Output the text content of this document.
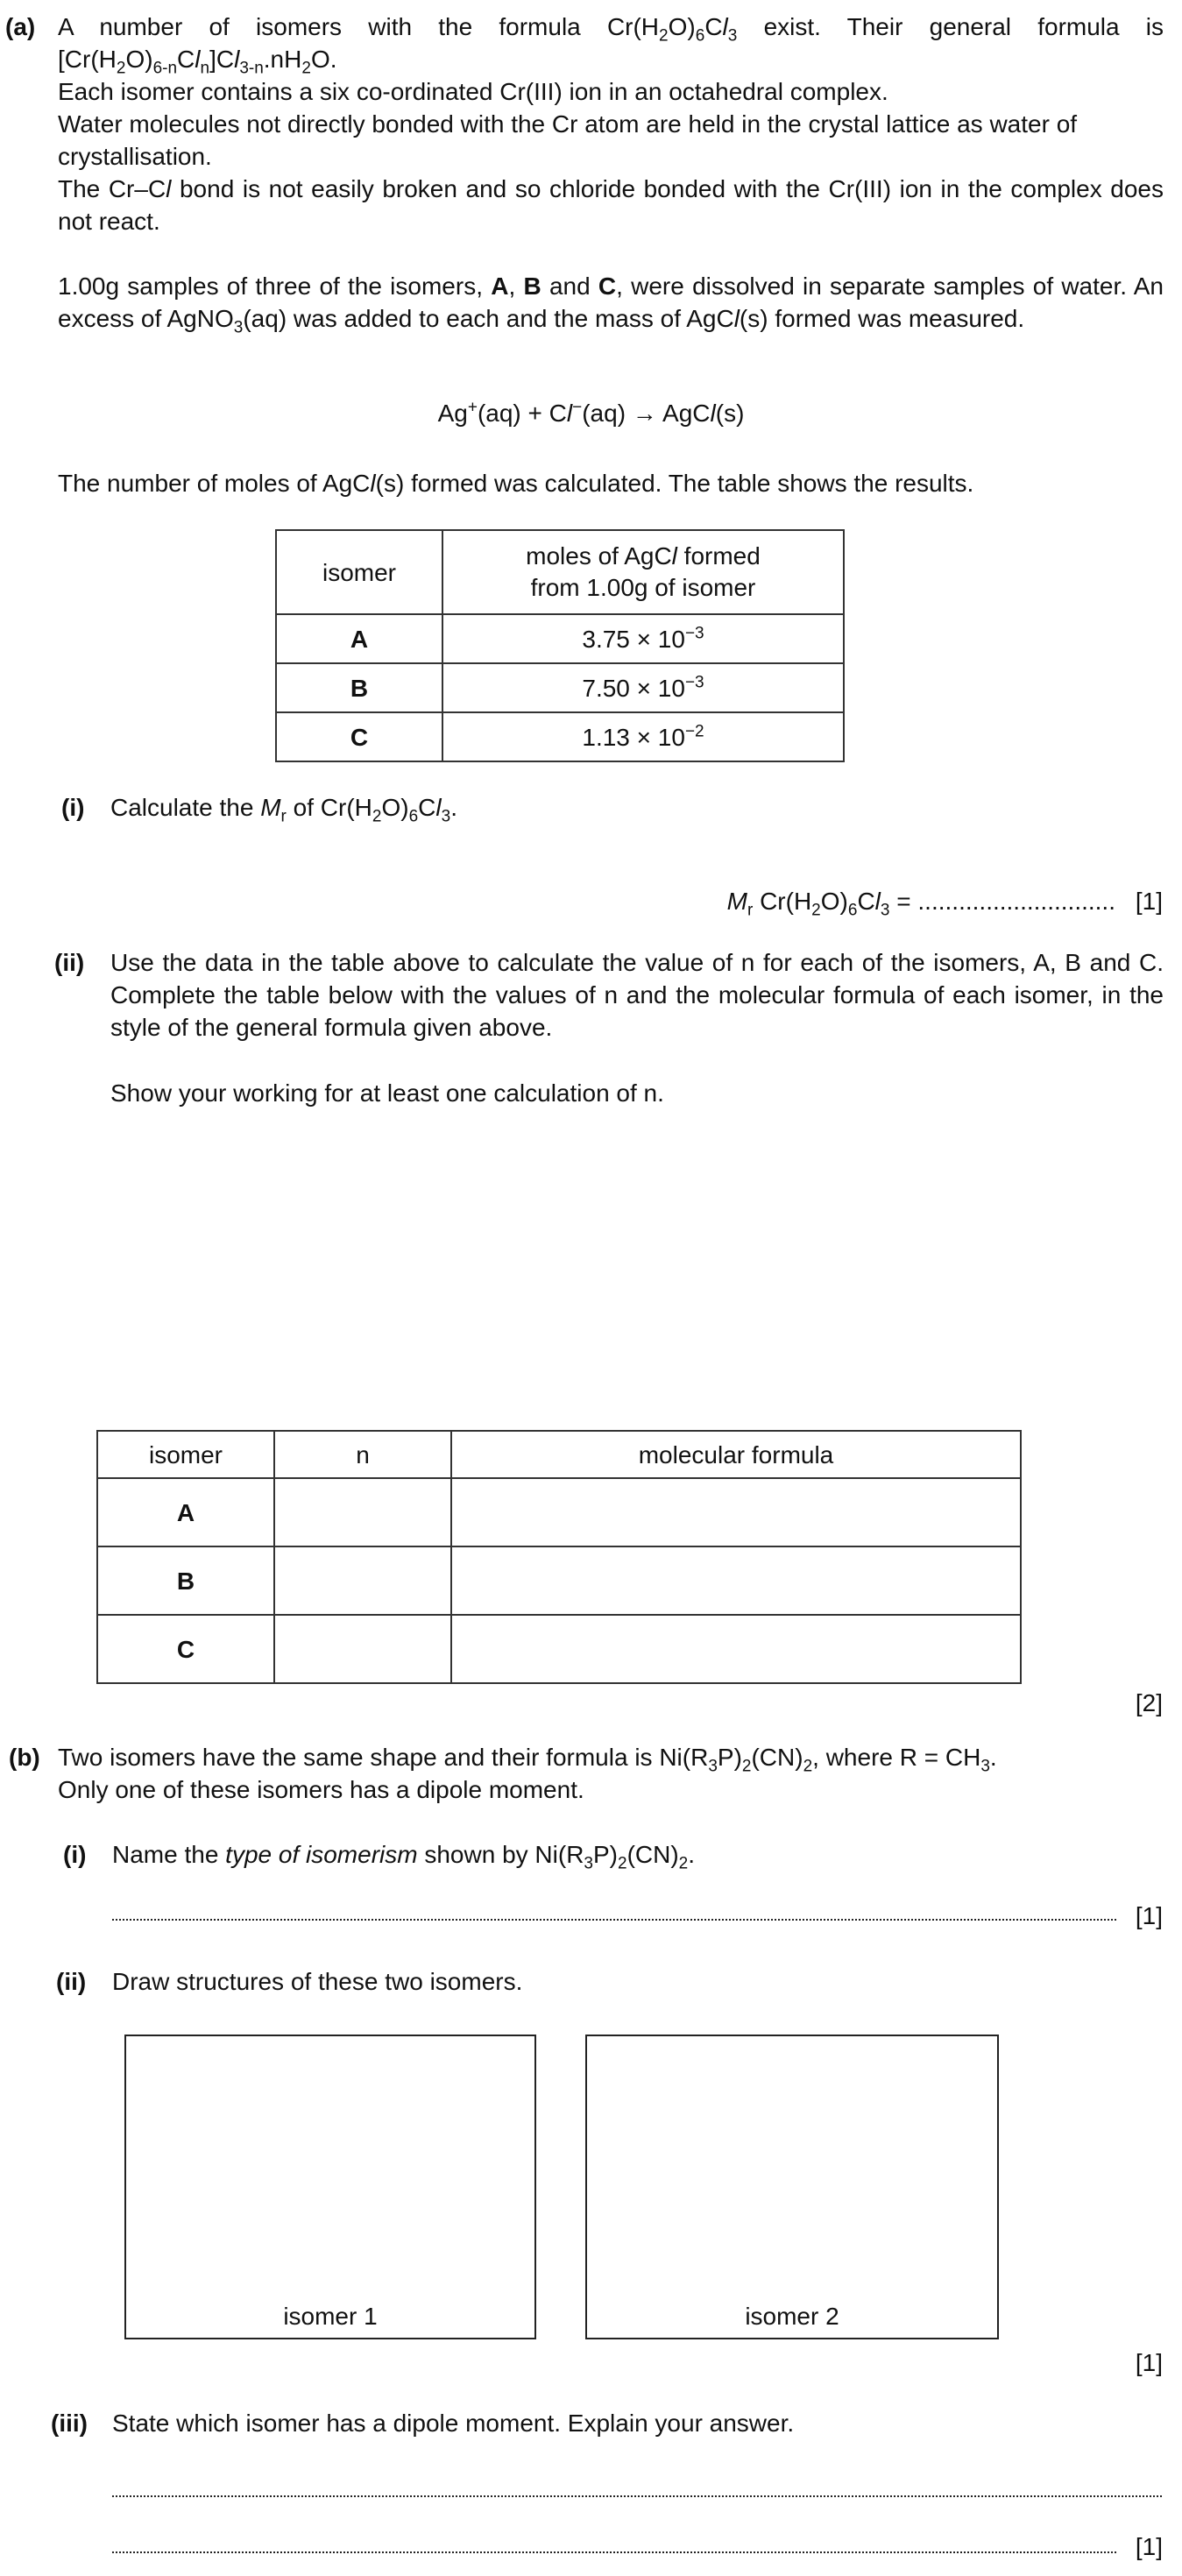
(a) A number of isomers with the formula $Cr(H_2O)_6Cl_3$ exist. Their general formula is
$[Cr(H_2O)_{6-n}Cl_n]Cl_{3-n}.nH_2O$.
Each isomer contains a six co-ordinated Cr(III) ion in an octahedral complex.
Water molecules not directly bonded with the Cr atom are held in the crystal lattice as water of crystallisation.
The Cr–Cl bond is not easily broken and so chloride bonded with the Cr(III) ion in the complex does not react.
1.00g samples of three of the isomers, A, B and C, were dissolved in separate samples of water. An excess of AgNO$_3$(aq) was added to each and the mass of AgCl(s) formed was measured.
Ag+(aq) + Cl−(aq) → AgCl(s)
The number of moles of AgCl(s) formed was calculated. The table shows the results.
isomer	moles of AgCl formed
from 1.00g of isomer
A	$3.75 \times 10^{-3}$
B	$7.50 \times 10^{-3}$
C	$1.13 \times 10^{-2}$
(i) Calculate the $M_r$ of $Cr(H_2O)_6Cl_3$.
$M_r$ $Cr(H_2O)_6Cl_3$ = ............................. [1]
(ii) Use the data in the table above to calculate the value of n for each of the isomers, A, B and C. Complete the table below with the values of n and the molecular formula of each isomer, in the style of the general formula given above.
Show your working for at least one calculation of n.
isomer	n	molecular formula
A		
B		
C		
[2]
(b) Two isomers have the same shape and their formula is $Ni(R_3P)_2(CN)_2$, where $R = CH_3$.
Only one of these isomers has a dipole moment.
(i) Name the type of isomerism shown by $Ni(R_3P)_2(CN)_2$.
[1]
(ii) Draw structures of these two isomers.
isomer 1	isomer 2
[1]
(iii) State which isomer has a dipole moment. Explain your answer.
[1]
